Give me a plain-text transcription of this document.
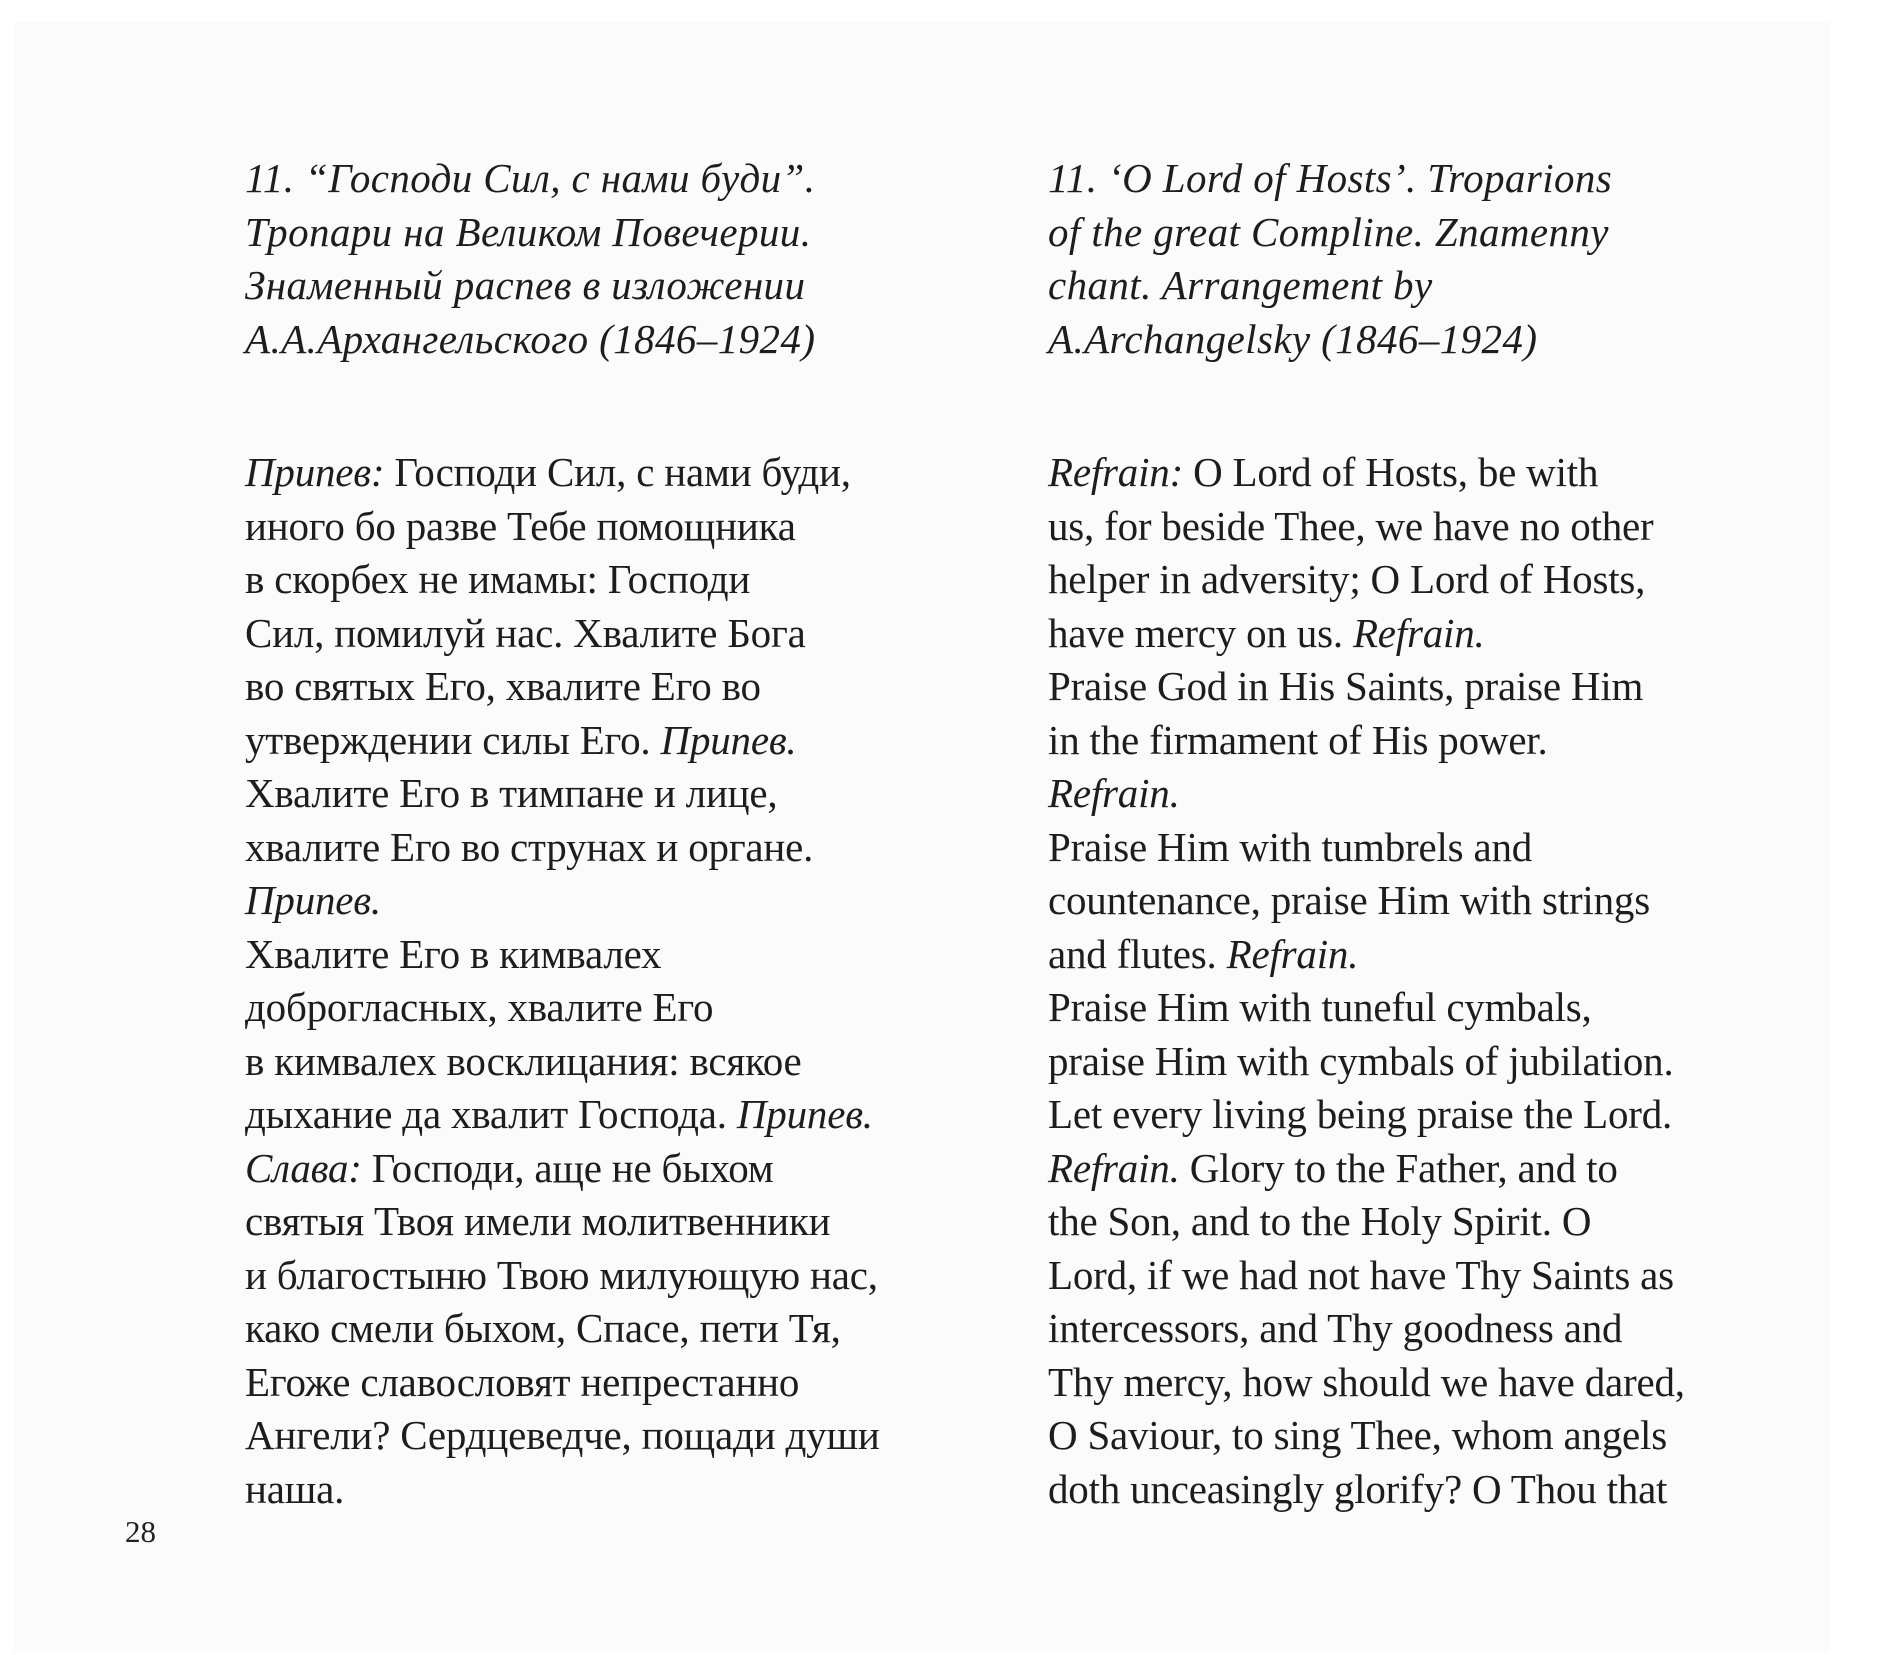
11. “Господи Сил, с нами буди”.
Тропари на Великом Повечерии.
Знаменный распев в изложении
А.А.Архангельского (1846–1924)
Припев: Господи Сил, с нами буди,
иного бо разве Тебе помощника
в скорбех не имамы: Господи
Сил, помилуй нас. Хвалите Бога
во святых Его, хвалите Его во
утверждении силы Его. Припев.
Хвалите Его в тимпане и лице,
хвалите Его во струнах и органе.
Припев.
Хвалите Его в кимвалех
доброгласных, хвалите Его
в кимвалех восклицания: всякое
дыхание да хвалит Господа. Припев.
Слава: Господи, аще не быхом
святыя Твоя имели молитвенники
и благостыню Твою милующую нас,
како смели быхом, Спасе, пети Тя,
Егоже славословят непрестанно
Ангели? Сердцеведче, пощади души
наша.
11. ‘O Lord of Hosts’. Troparions
of the great Compline. Znamenny
chant. Arrangement by
A.Archangelsky (1846–1924)
Refrain: O Lord of Hosts, be with
us, for beside Thee, we have no other
helper in adversity; O Lord of Hosts,
have mercy on us. Refrain.
Praise God in His Saints, praise Him
in the firmament of His power.
Refrain.
Praise Him with tumbrels and
countenance, praise Him with strings
and flutes. Refrain.
Praise Him with tuneful cymbals,
praise Him with cymbals of jubilation.
Let every living being praise the Lord.
Refrain. Glory to the Father, and to
the Son, and to the Holy Spirit. O
Lord, if we had not have Thy Saints as
intercessors, and Thy goodness and
Thy mercy, how should we have dared,
O Saviour, to sing Thee, whom angels
doth unceasingly glorify? O Thou that
28
